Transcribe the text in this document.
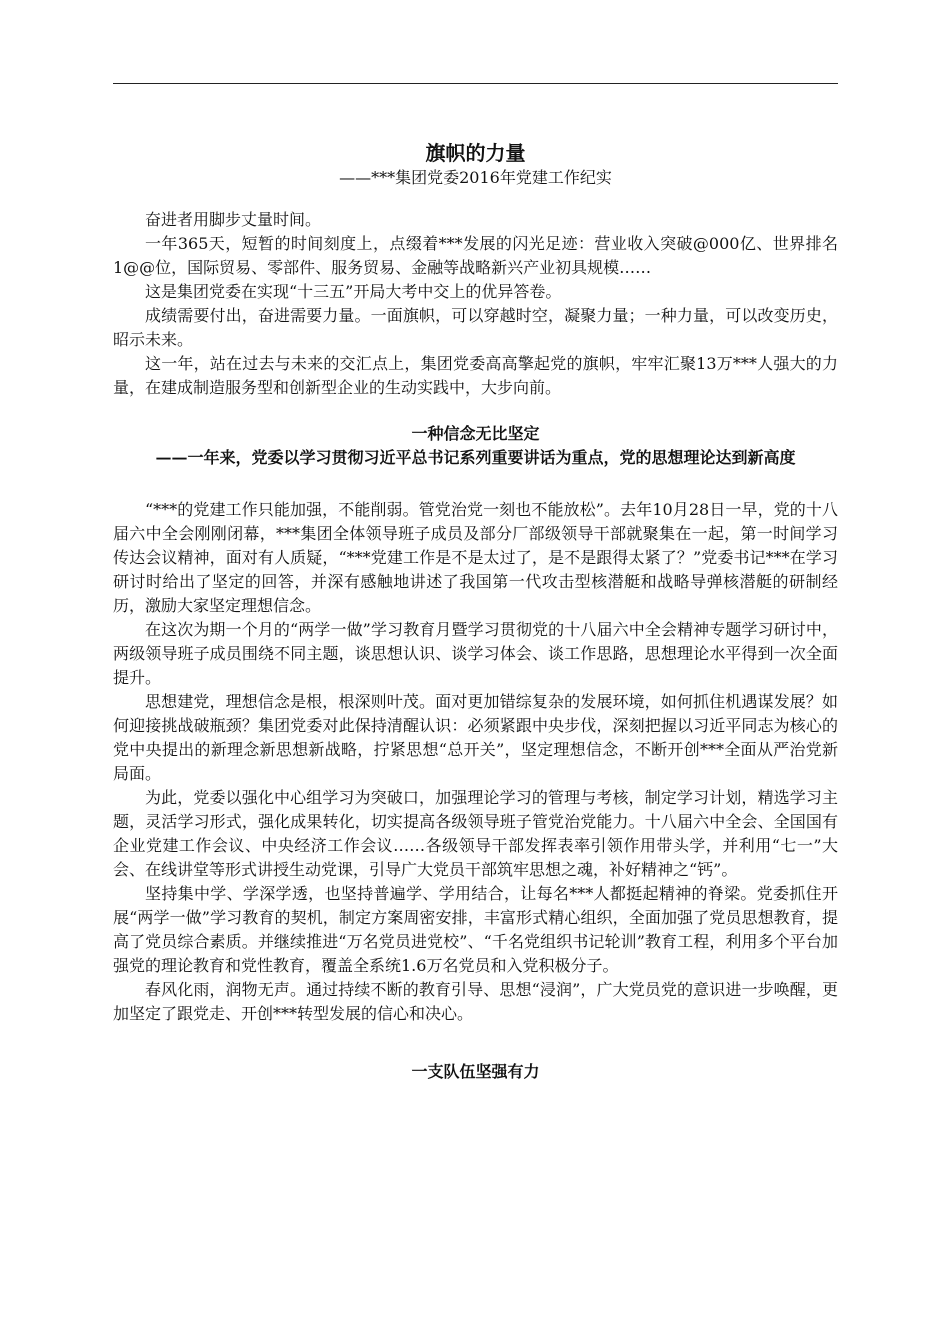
旗帜的力量
——***集团党委2016年党建工作纪实

奋进者用脚步丈量时间。

一年365天，短暂的时间刻度上，点缀着***发展的闪光足迹：营业收入突破@000亿、世界排名1@@位，国际贸易、零部件、服务贸易、金融等战略新兴产业初具规模……

这是集团党委在实现“十三五”开局大考中交上的优异答卷。

成绩需要付出，奋进需要力量。一面旗帜，可以穿越时空，凝聚力量；一种力量，可以改变历史，昭示未来。

这一年，站在过去与未来的交汇点上，集团党委高高擎起党的旗帜，牢牢汇聚13万***人强大的力量，在建成制造服务型和创新型企业的生动实践中，大步向前。

一种信念无比坚定
——一年来，党委以学习贯彻习近平总书记系列重要讲话为重点，党的思想理论达到新高度

“***的党建工作只能加强，不能削弱。管党治党一刻也不能放松”。去年10月28日一早，党的十八届六中全会刚刚闭幕，***集团全体领导班子成员及部分厂部级领导干部就聚集在一起，第一时间学习传达会议精神，面对有人质疑，“***党建工作是不是太过了，是不是跟得太紧了？”党委书记***在学习研讨时给出了坚定的回答，并深有感触地讲述了我国第一代攻击型核潜艇和战略导弹核潜艇的研制经历，激励大家坚定理想信念。

在这次为期一个月的“两学一做”学习教育月暨学习贯彻党的十八届六中全会精神专题学习研讨中，两级领导班子成员围绕不同主题，谈思想认识、谈学习体会、谈工作思路，思想理论水平得到一次全面提升。

思想建党，理想信念是根，根深则叶茂。面对更加错综复杂的发展环境，如何抓住机遇谋发展？如何迎接挑战破瓶颈？集团党委对此保持清醒认识：必须紧跟中央步伐，深刻把握以习近平同志为核心的党中央提出的新理念新思想新战略，拧紧思想“总开关”，坚定理想信念，不断开创***全面从严治党新局面。

为此，党委以强化中心组学习为突破口，加强理论学习的管理与考核，制定学习计划，精选学习主题，灵活学习形式，强化成果转化，切实提高各级领导班子管党治党能力。十八届六中全会、全国国有企业党建工作会议、中央经济工作会议……各级领导干部发挥表率引领作用带头学，并利用“七一”大会、在线讲堂等形式讲授生动党课，引导广大党员干部筑牢思想之魂，补好精神之“钙”。

坚持集中学、学深学透，也坚持普遍学、学用结合，让每名***人都挺起精神的脊梁。党委抓住开展“两学一做”学习教育的契机，制定方案周密安排，丰富形式精心组织，全面加强了党员思想教育，提高了党员综合素质。并继续推进“万名党员进党校”、“千名党组织书记轮训”教育工程，利用多个平台加强党的理论教育和党性教育，覆盖全系统1.6万名党员和入党积极分子。

春风化雨，润物无声。通过持续不断的教育引导、思想“浸润”，广大党员党的意识进一步唤醒，更加坚定了跟党走、开创***转型发展的信心和决心。

一支队伍坚强有力
